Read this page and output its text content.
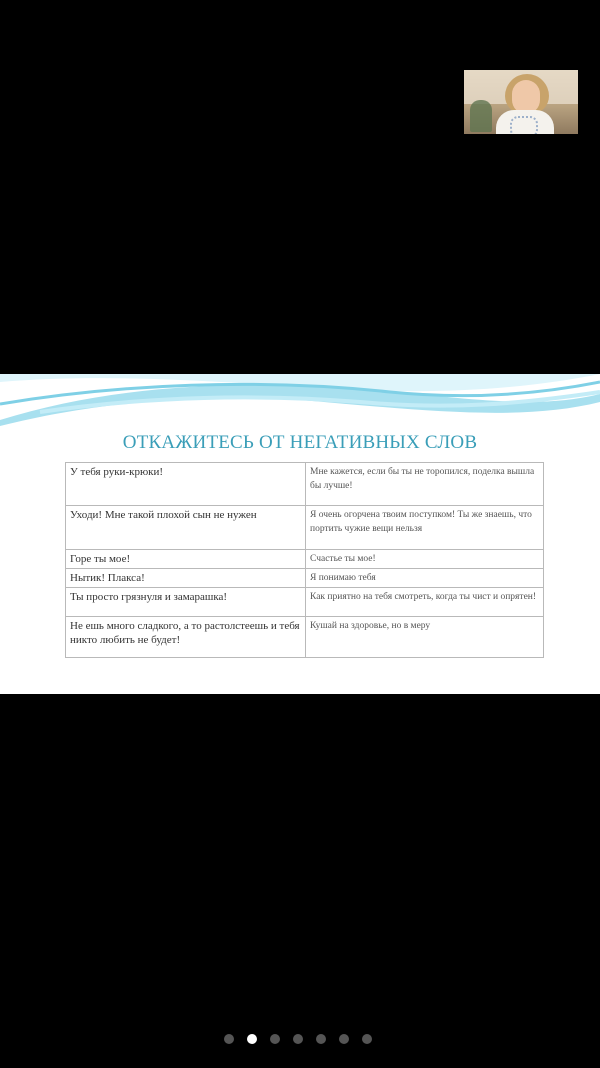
ОТКАЖИТЕСЬ ОТ НЕГАТИВНЫХ СЛОВ
У тебя руки-крюки!	Мне кажется, если бы ты не торопился, поделка вышла бы лучше!
Уходи! Мне такой плохой сын не нужен	Я очень огорчена твоим поступком! Ты же знаешь, что портить чужие вещи нельзя
Горе ты мое!	Счастье ты мое!
Нытик! Плакса!	Я понимаю тебя
Ты просто грязнуля и замарашка!	Как приятно на тебя смотреть, когда ты чист и опрятен!
Не ешь много сладкого, а то растолстеешь и тебя никто любить не будет!	Кушай на здоровье, но в меру
